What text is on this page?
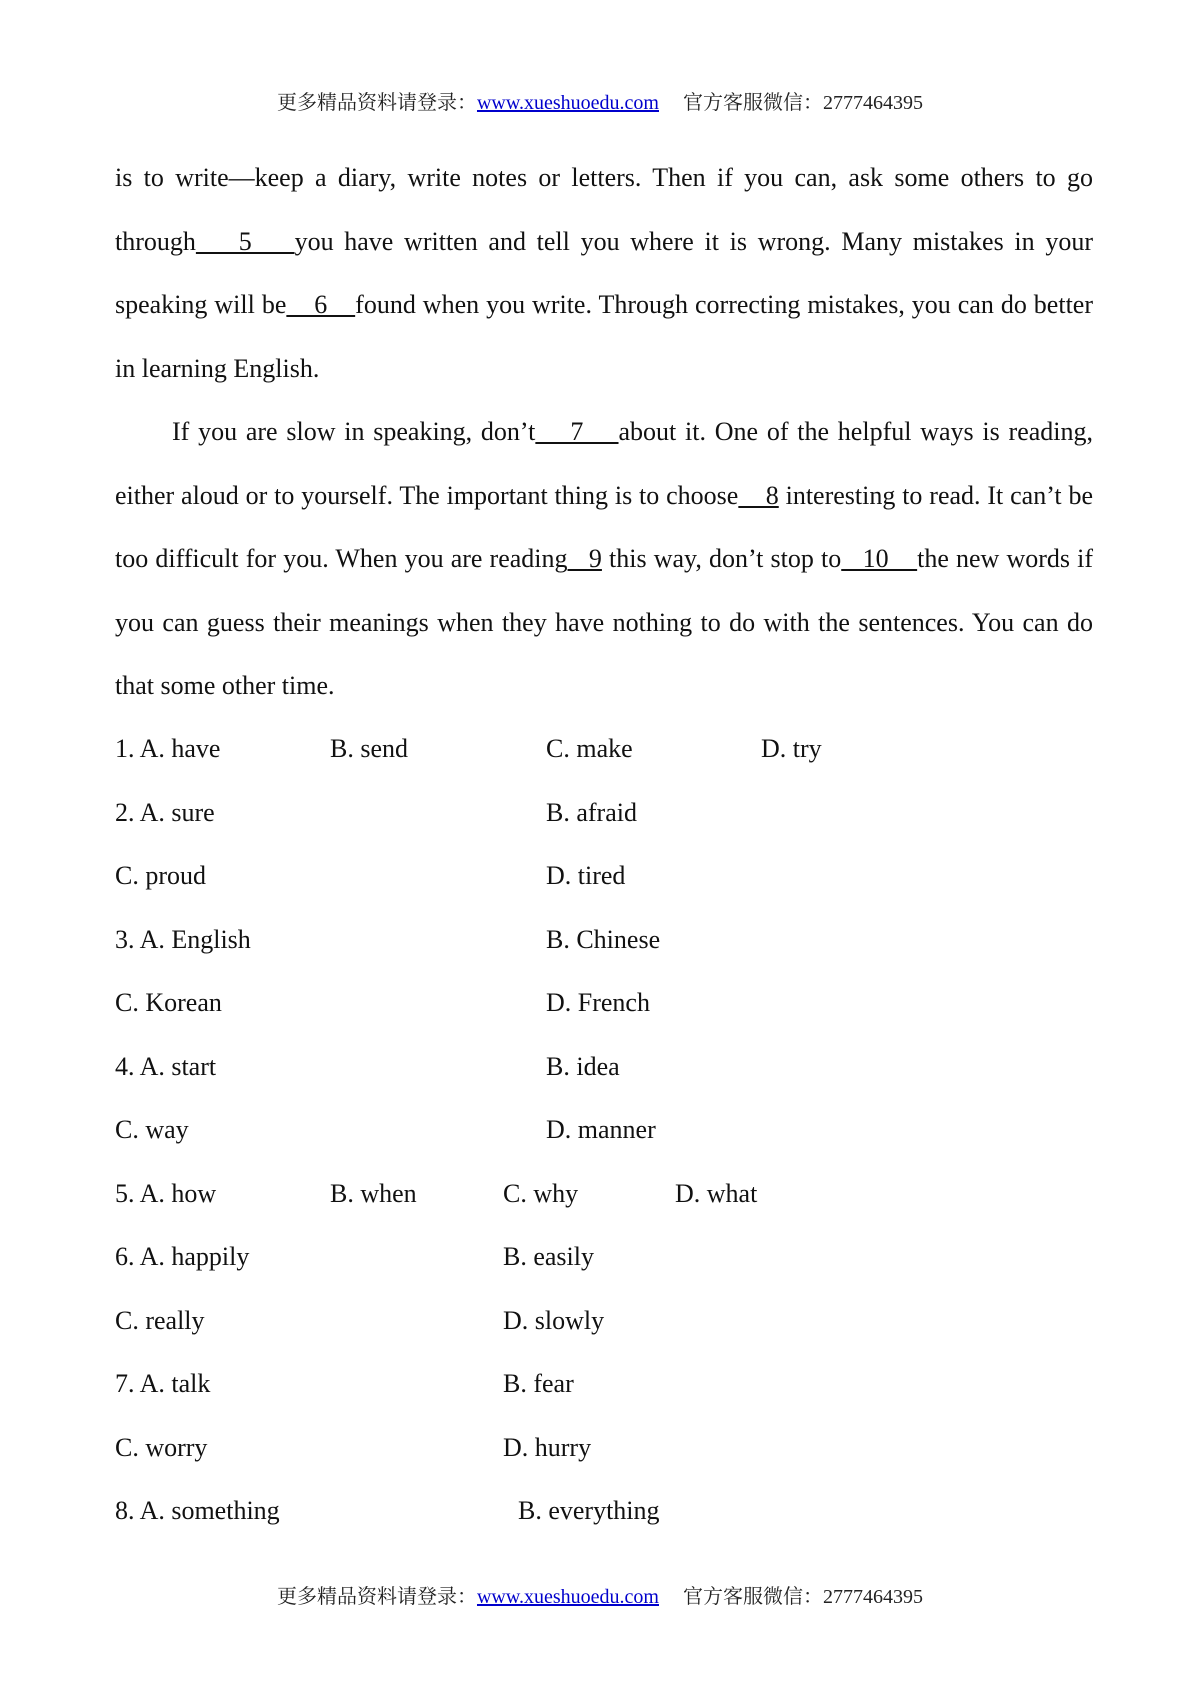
更多精品资料请登录：www.xueshuoedu.com 官方客服微信：2777464395

is to write—keep a diary, write notes or letters. Then if you can, ask some others to go through    5    you have written and tell you where it is wrong. Many mistakes in your speaking will be    6    found when you write. Through correcting mistakes, you can do better in learning English.

If you are slow in speaking, don’t    7    about it. One of the helpful ways is reading, either aloud or to yourself. The important thing is to choose    8 interesting to read. It can’t be too difficult for you. When you are reading   9 this way, don’t stop to   10    the new words if you can guess their meanings when they have nothing to do with the sentences. You can do that some other time.

1. A. have	B. send	C. make	D. try
2. A. sure	B. afraid
C. proud	D. tired
3. A. English	B. Chinese
C. Korean	D. French
4. A. start	B. idea
C. way	D. manner
5. A. how	B. when	C. why	D. what
6. A. happily	B. easily
C. really	D. slowly
7. A. talk	B. fear
C. worry	D. hurry
8. A. something	B. everything
更多精品资料请登录：www.xueshuoedu.com 官方客服微信：2777464395
